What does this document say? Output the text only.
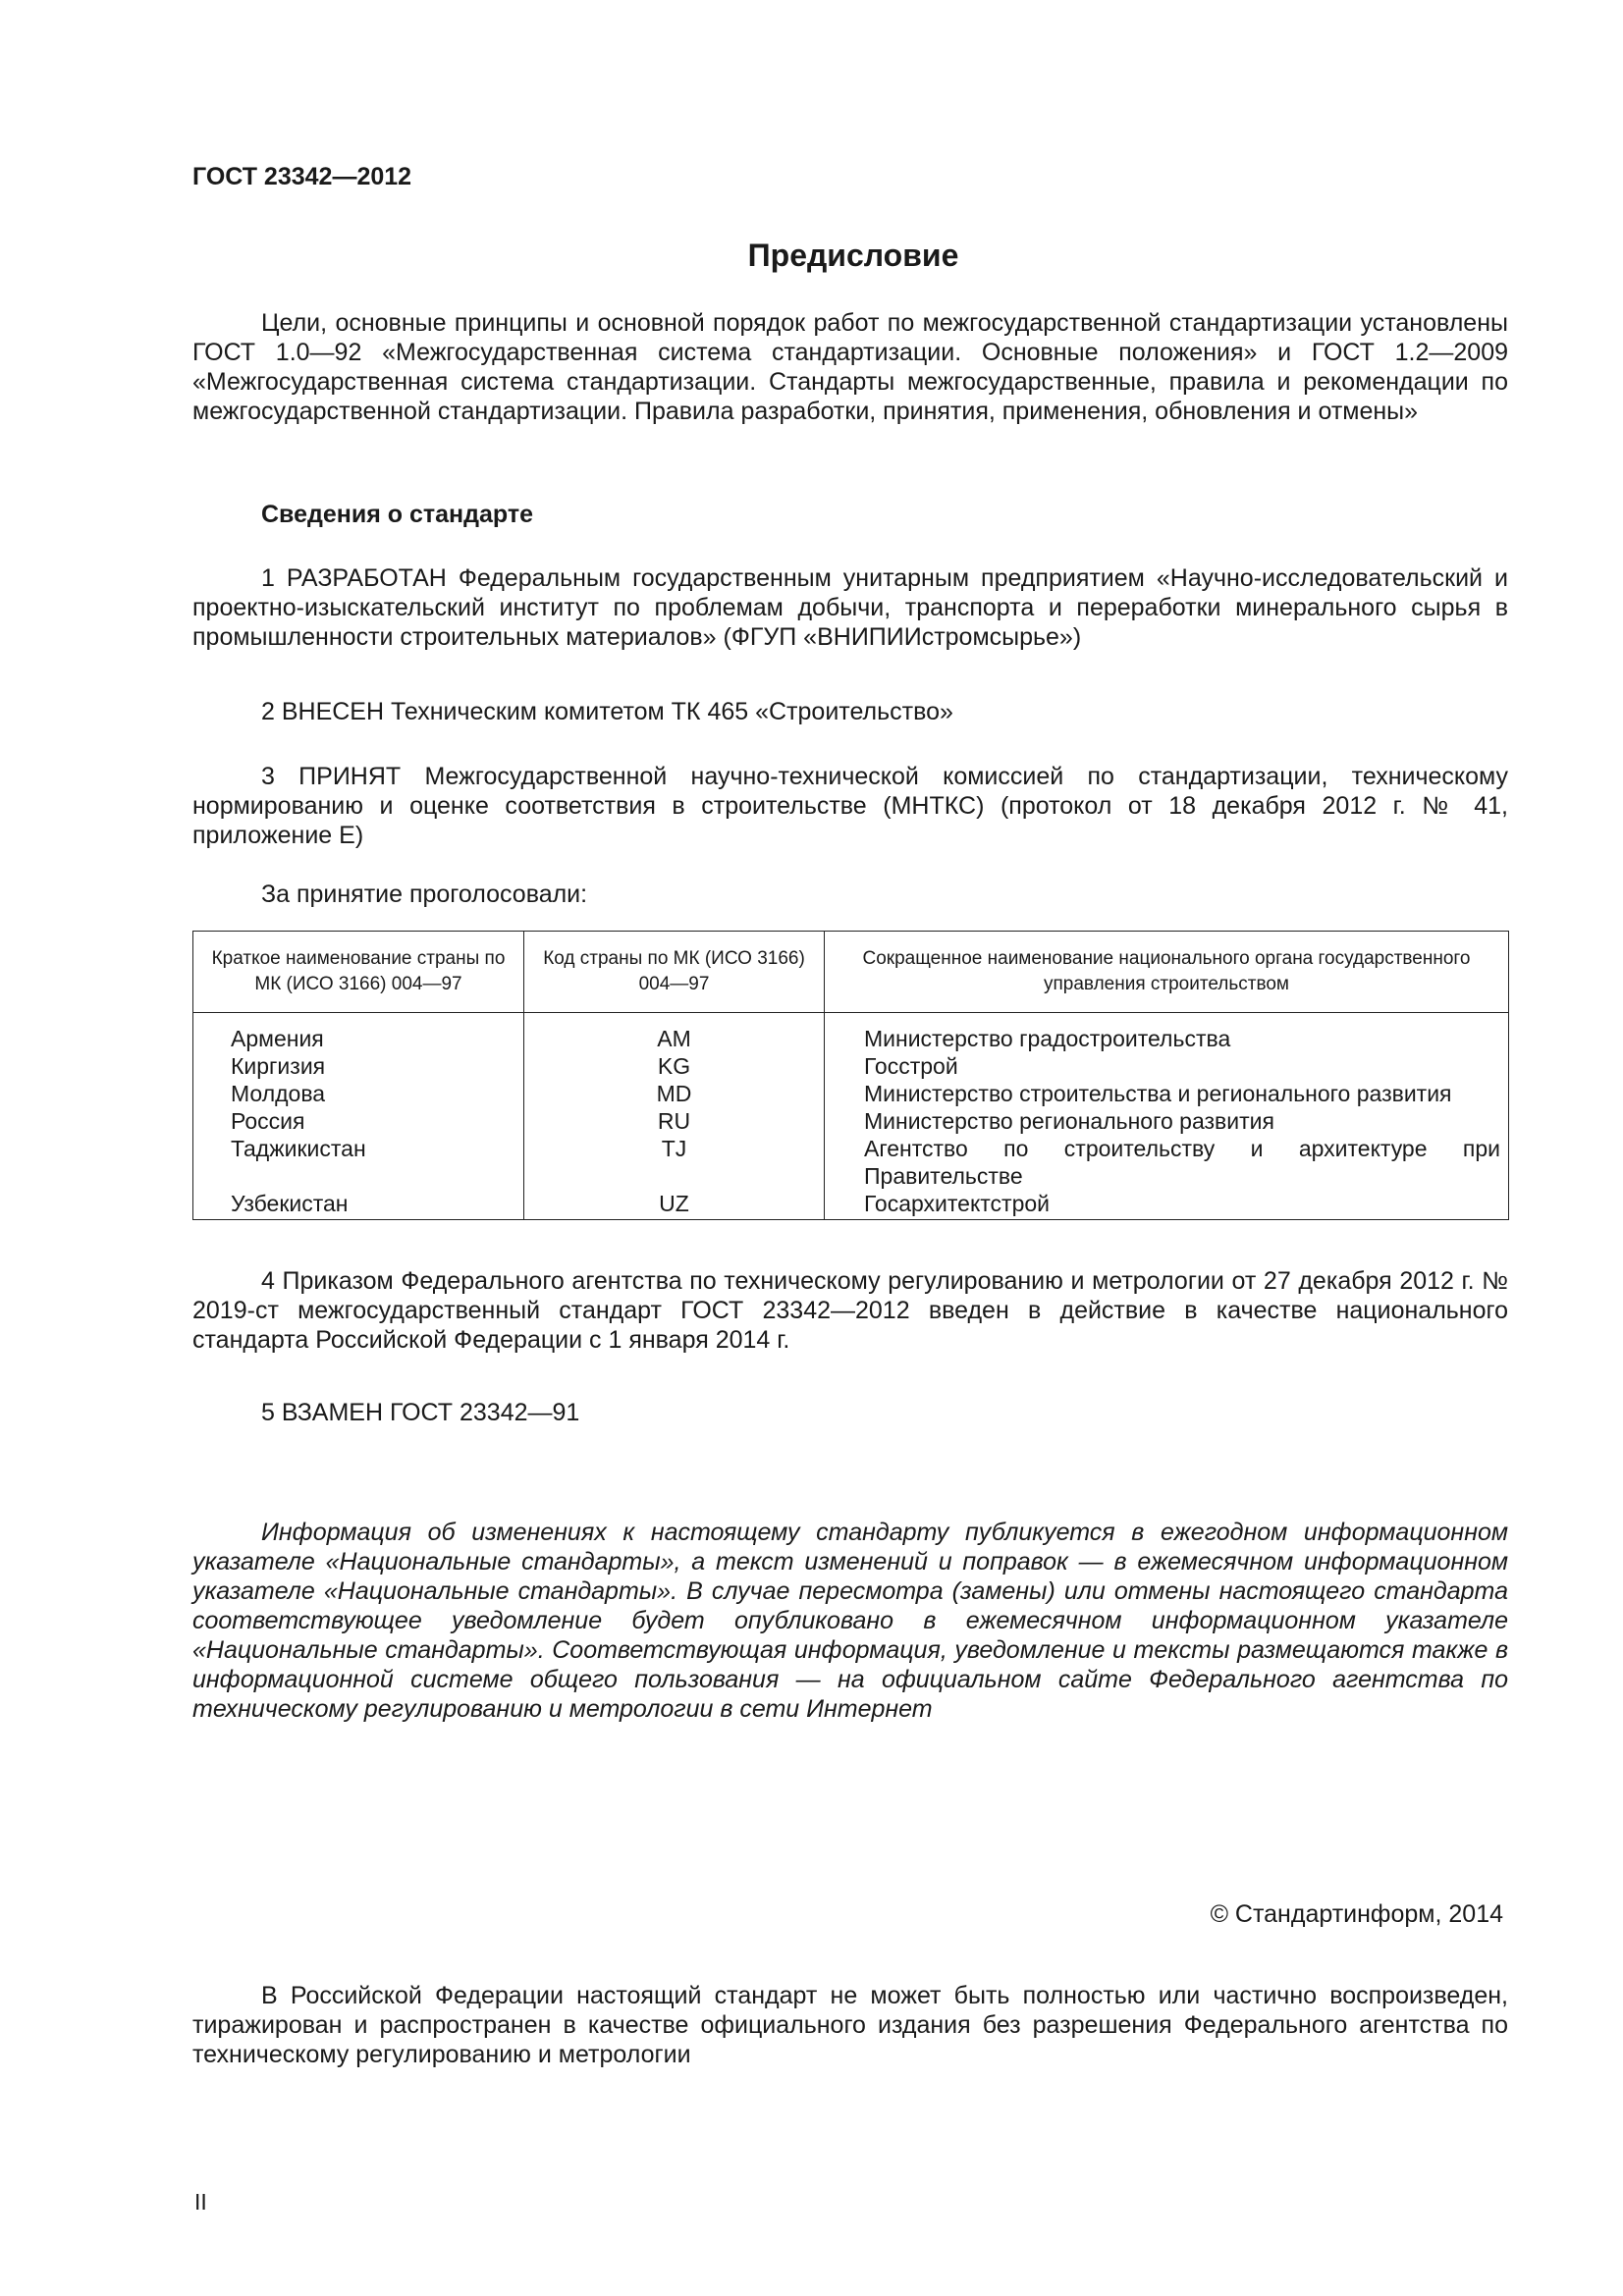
ГОСТ 23342—2012
Предисловие

Цели, основные принципы и основной порядок работ по межгосударственной стандартизации установлены ГОСТ 1.0—92 «Межгосударственная система стандартизации. Основные положения» и ГОСТ 1.2—2009 «Межгосударственная система стандартизации. Стандарты межгосударственные, правила и рекомендации по межгосударственной стандартизации. Правила разработки, принятия, применения, обновления и отмены»

Сведения о стандарте

1 РАЗРАБОТАН Федеральным государственным унитарным предприятием «Научно-исследовательский и проектно-изыскательский институт по проблемам добычи, транспорта и переработки минерального сырья в промышленности строительных материалов» (ФГУП «ВНИПИИстромсырье»)

2 ВНЕСЕН Техническим комитетом ТК 465 «Строительство»

3 ПРИНЯТ Межгосударственной научно-технической комиссией по стандартизации, техническому нормированию и оценке соответствия в строительстве (МНТКС) (протокол от 18 декабря 2012 г. № 41, приложение Е)

За принятие проголосовали:
Краткое наименование страны по МК (ИСО 3166) 004—97	Код страны по МК (ИСО 3166) 004—97	Сокращенное наименование национального органа государственного управления строительством
Армения	AM	Министерство градостроительства
Киргизия	KG	Госстрой
Молдова	MD	Министерство строительства и регионального развития
Россия	RU	Министерство регионального развития
Таджикистан	TJ	Агентство по строительству и архитектуре при Правительстве
Узбекистан	UZ	Госархитектстрой

4 Приказом Федерального агентства по техническому регулированию и метрологии от 27 декабря 2012 г. № 2019-ст межгосударственный стандарт ГОСТ 23342—2012 введен в действие в качестве национального стандарта Российской Федерации с 1 января 2014 г.

5 ВЗАМЕН ГОСТ 23342—91

Информация об изменениях к настоящему стандарту публикуется в ежегодном информационном указателе «Национальные стандарты», а текст изменений и поправок — в ежемесячном информационном указателе «Национальные стандарты». В случае пересмотра (замены) или отмены настоящего стандарта соответствующее уведомление будет опубликовано в ежемесячном информационном указателе «Национальные стандарты». Соответствующая информация, уведомление и тексты размещаются также в информационной системе общего пользования — на официальном сайте Федерального агентства по техническому регулированию и метрологии в сети Интернет

© Стандартинформ, 2014

В Российской Федерации настоящий стандарт не может быть полностью или частично воспроизведен, тиражирован и распространен в качестве официального издания без разрешения Федерального агентства по техническому регулированию и метрологии

II
